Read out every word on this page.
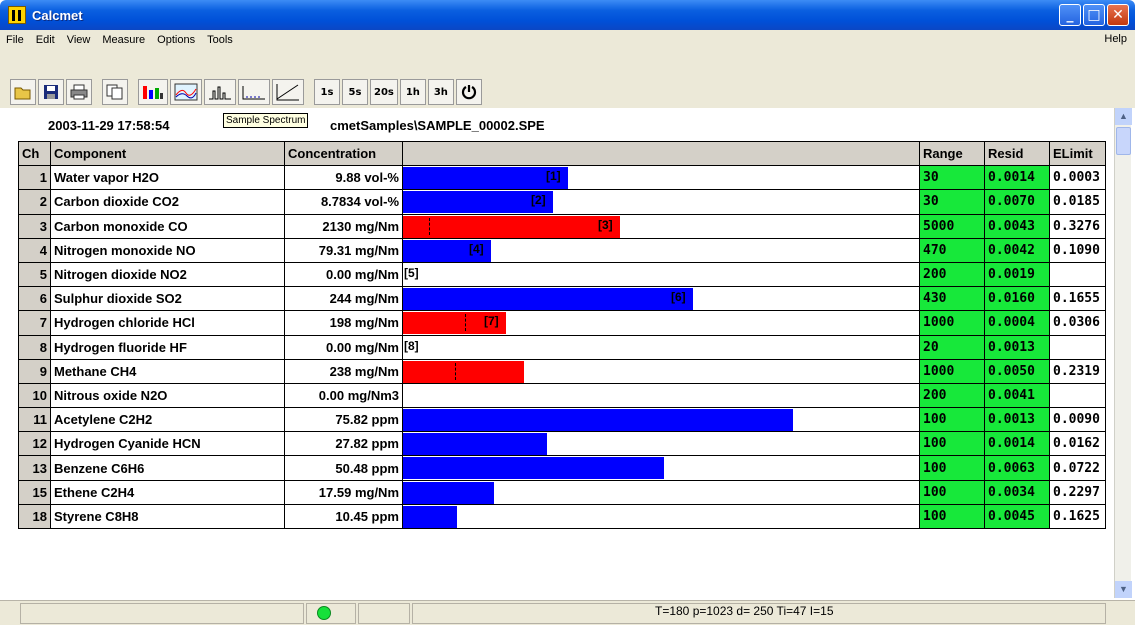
Calcmet	_ □ ✕
File	Edit	View	Measure	Options	Tools	Help
1s	5s	20s	1h	3h
▲
▼
2003-11-29 17:58:54	cmetSamples\SAMPLE_00002.SPE
Sample Spectrum
Ch	Component	Concentration		Range	Resid	ELimit
1	Water vapor H2O	9.88 vol-%	[1]	30	0.0014	0.0003
2	Carbon dioxide CO2	8.7834 vol-%	[2]	30	0.0070	0.0185
3	Carbon monoxide CO	2130 mg/Nm	[3]	5000	0.0043	0.3276
4	Nitrogen monoxide NO	79.31 mg/Nm	[4]	470	0.0042	0.1090
5	Nitrogen dioxide NO2	0.00 mg/Nm	[5]	200	0.0019	
6	Sulphur dioxide SO2	244 mg/Nm	[6]	430	0.0160	0.1655
7	Hydrogen chloride HCl	198 mg/Nm	[7]	1000	0.0004	0.0306
8	Hydrogen fluoride HF	0.00 mg/Nm	[8]	20	0.0013	
9	Methane CH4	238 mg/Nm		1000	0.0050	0.2319
10	Nitrous oxide N2O	0.00 mg/Nm3		200	0.0041	
11	Acetylene C2H2	75.82 ppm		100	0.0013	0.0090
12	Hydrogen Cyanide HCN	27.82 ppm		100	0.0014	0.0162
13	Benzene C6H6	50.48 ppm		100	0.0063	0.0722
15	Ethene C2H4	17.59 mg/Nm		100	0.0034	0.2297
18	Styrene C8H8	10.45 ppm		100	0.0045	0.1625
T=180 p=1023 d= 250 Ti=47 I=15
